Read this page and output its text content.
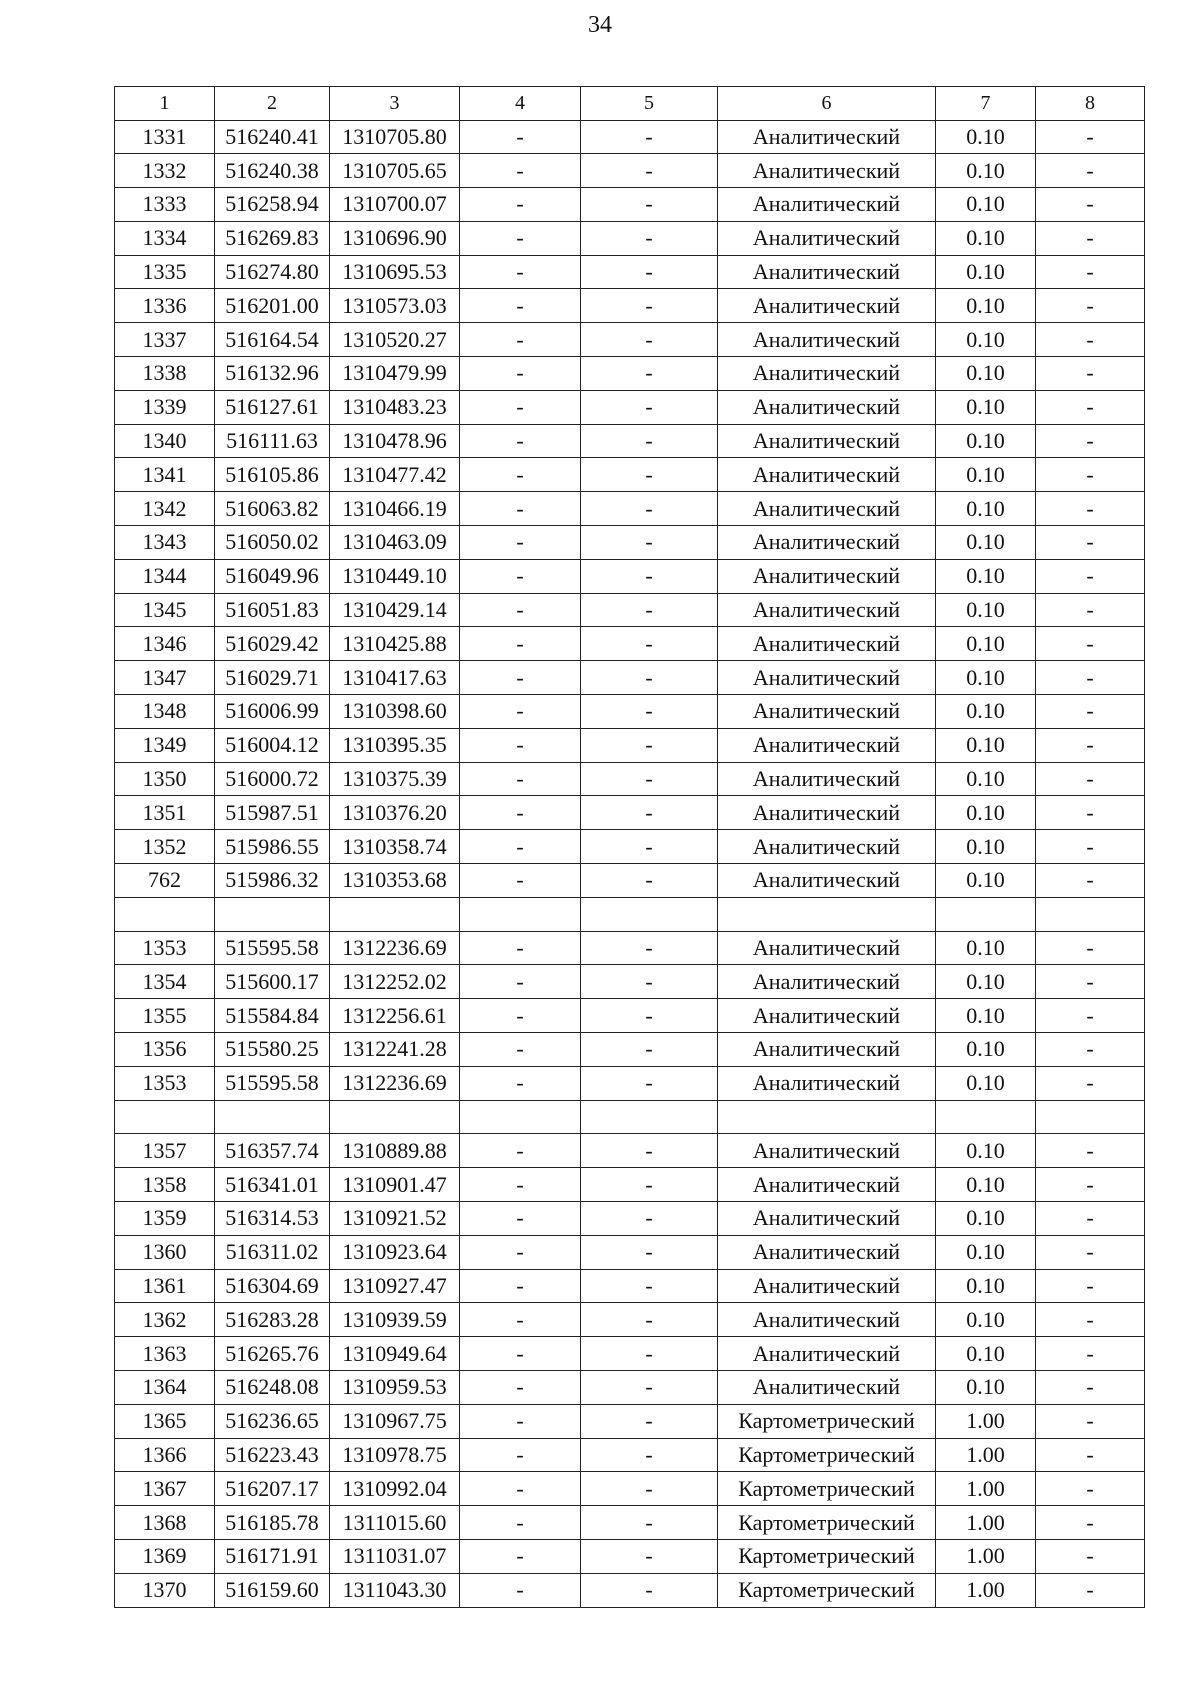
34
1	2	3	4	5	6	7	8
1331	516240.41	1310705.80	-	-	Аналитический	0.10	-
1332	516240.38	1310705.65	-	-	Аналитический	0.10	-
1333	516258.94	1310700.07	-	-	Аналитический	0.10	-
1334	516269.83	1310696.90	-	-	Аналитический	0.10	-
1335	516274.80	1310695.53	-	-	Аналитический	0.10	-
1336	516201.00	1310573.03	-	-	Аналитический	0.10	-
1337	516164.54	1310520.27	-	-	Аналитический	0.10	-
1338	516132.96	1310479.99	-	-	Аналитический	0.10	-
1339	516127.61	1310483.23	-	-	Аналитический	0.10	-
1340	516111.63	1310478.96	-	-	Аналитический	0.10	-
1341	516105.86	1310477.42	-	-	Аналитический	0.10	-
1342	516063.82	1310466.19	-	-	Аналитический	0.10	-
1343	516050.02	1310463.09	-	-	Аналитический	0.10	-
1344	516049.96	1310449.10	-	-	Аналитический	0.10	-
1345	516051.83	1310429.14	-	-	Аналитический	0.10	-
1346	516029.42	1310425.88	-	-	Аналитический	0.10	-
1347	516029.71	1310417.63	-	-	Аналитический	0.10	-
1348	516006.99	1310398.60	-	-	Аналитический	0.10	-
1349	516004.12	1310395.35	-	-	Аналитический	0.10	-
1350	516000.72	1310375.39	-	-	Аналитический	0.10	-
1351	515987.51	1310376.20	-	-	Аналитический	0.10	-
1352	515986.55	1310358.74	-	-	Аналитический	0.10	-
762	515986.32	1310353.68	-	-	Аналитический	0.10	-

1353	515595.58	1312236.69	-	-	Аналитический	0.10	-
1354	515600.17	1312252.02	-	-	Аналитический	0.10	-
1355	515584.84	1312256.61	-	-	Аналитический	0.10	-
1356	515580.25	1312241.28	-	-	Аналитический	0.10	-
1353	515595.58	1312236.69	-	-	Аналитический	0.10	-

1357	516357.74	1310889.88	-	-	Аналитический	0.10	-
1358	516341.01	1310901.47	-	-	Аналитический	0.10	-
1359	516314.53	1310921.52	-	-	Аналитический	0.10	-
1360	516311.02	1310923.64	-	-	Аналитический	0.10	-
1361	516304.69	1310927.47	-	-	Аналитический	0.10	-
1362	516283.28	1310939.59	-	-	Аналитический	0.10	-
1363	516265.76	1310949.64	-	-	Аналитический	0.10	-
1364	516248.08	1310959.53	-	-	Аналитический	0.10	-
1365	516236.65	1310967.75	-	-	Картометрический	1.00	-
1366	516223.43	1310978.75	-	-	Картометрический	1.00	-
1367	516207.17	1310992.04	-	-	Картометрический	1.00	-
1368	516185.78	1311015.60	-	-	Картометрический	1.00	-
1369	516171.91	1311031.07	-	-	Картометрический	1.00	-
1370	516159.60	1311043.30	-	-	Картометрический	1.00	-
